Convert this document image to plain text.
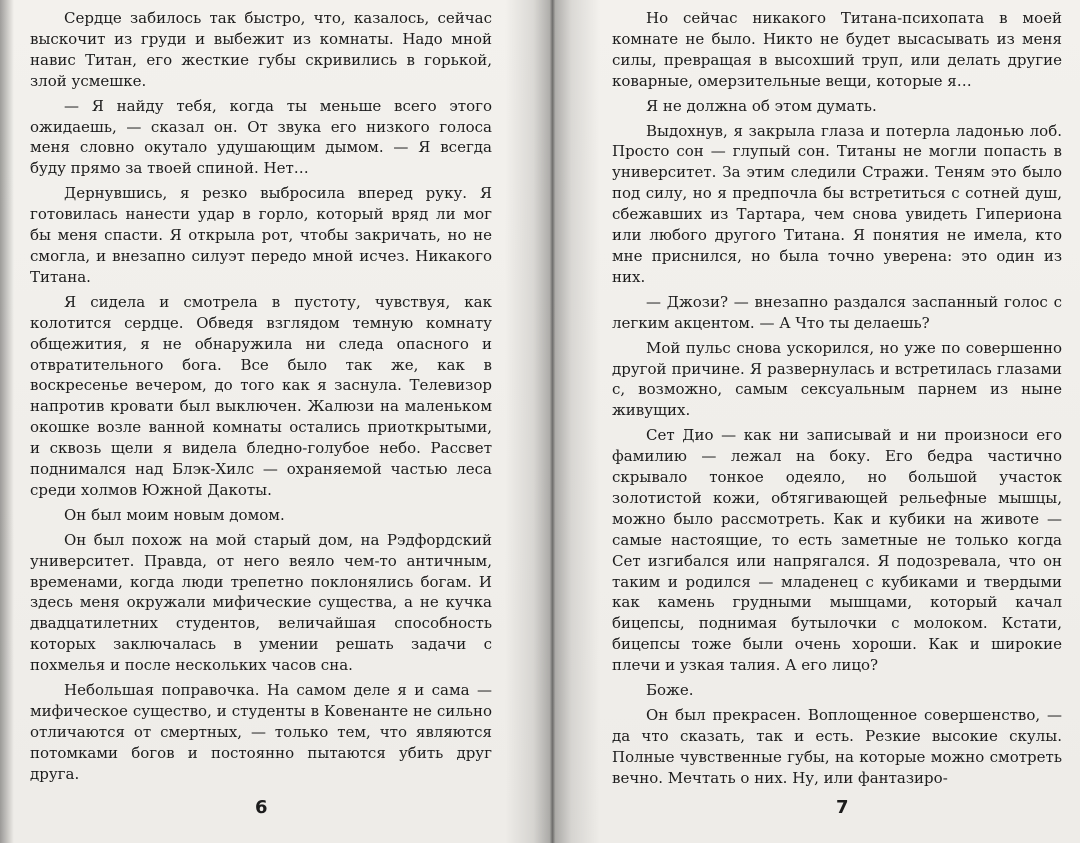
Сердце забилось так быстро, что, казалось, сейчас выскочит из груди и выбежит из комнаты. Надо мной навис Титан, его жесткие губы скривились в горькой, злой усмешке.

— Я найду тебя, когда ты меньше всего этого ожидаешь, — сказал он. От звука его низкого голоса меня словно окутало удушающим дымом. — Я всегда буду прямо за твоей спиной. Нет…

Дернувшись, я резко выбросила вперед руку. Я готовилась нанести удар в горло, который вряд ли мог бы меня спасти. Я открыла рот, чтобы закричать, но не смогла, и внезапно силуэт передо мной исчез. Никакого Титана.

Я сидела и смотрела в пустоту, чувствуя, как колотится сердце. Обведя взглядом темную комнату общежития, я не обнаружила ни следа опасного и отвратительного бога. Все было так же, как в воскресенье вечером, до того как я заснула. Телевизор напротив кровати был выключен. Жалюзи на маленьком окошке возле ванной комнаты остались приоткрытыми, и сквозь щели я видела бледно-голубое небо. Рассвет поднимался над Блэк-Хилс — охраняемой частью леса среди холмов Южной Дакоты.

Он был моим новым домом.

Он был похож на мой старый дом, на Рэдфордский университет. Правда, от него веяло чем-то античным, временами, когда люди трепетно поклонялись богам. И здесь меня окружали мифические существа, а не кучка двадцатилетних студентов, величайшая способность которых заключалась в умении решать задачи с похмелья и после нескольких часов сна.

Небольшая поправочка. На самом деле я и сама — мифическое существо, и студенты в Ковенанте не сильно отличаются от смертных, — только тем, что являются потомками богов и постоянно пытаются убить друг друга.

6

Но сейчас никакого Титана-психопата в моей комнате не было. Никто не будет высасывать из меня силы, превращая в высохший труп, или делать другие коварные, омерзительные вещи, которые я…

Я не должна об этом думать.

Выдохнув, я закрыла глаза и потерла ладонью лоб. Просто сон — глупый сон. Титаны не могли попасть в университет. За этим следили Стражи. Теням это было под силу, но я предпочла бы встретиться с сотней душ, сбежавших из Тартара, чем снова увидеть Гипериона или любого другого Титана. Я понятия не имела, кто мне приснился, но была точно уверена: это один из них.

— Джози? — внезапно раздался заспанный голос с легким акцентом. — А Что ты делаешь?

Мой пульс снова ускорился, но уже по совершенно другой причине. Я развернулась и встретилась глазами с, возможно, самым сексуальным парнем из ныне живущих.

Сет Дио — как ни записывай и ни произноси его фамилию — лежал на боку. Его бедра частично скрывало тонкое одеяло, но большой участок золотистой кожи, обтягивающей рельефные мышцы, можно было рассмотреть. Как и кубики на животе — самые настоящие, то есть заметные не только когда Сет изгибался или напрягался. Я подозревала, что он таким и родился — младенец с кубиками и твердыми как камень грудными мышцами, который качал бицепсы, поднимая бутылочки с молоком. Кстати, бицепсы тоже были очень хороши. Как и широкие плечи и узкая талия. А его лицо?

Боже.

Он был прекрасен. Воплощенное совершенство, — да что сказать, так и есть. Резкие высокие скулы. Полные чувственные губы, на которые можно смотреть вечно. Мечтать о них. Ну, или фантазиро-

7
